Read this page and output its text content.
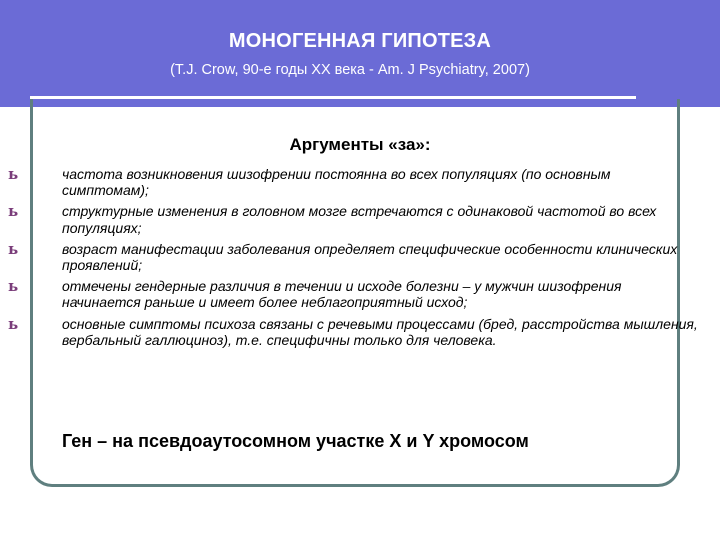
МОНОГЕННАЯ ГИПОТЕЗА
(T.J. Crow, 90-е годы XX века - Am. J Psychiatry, 2007)
Аргументы «за»:
ь	частота возникновения шизофрении постоянна во всех популяциях (по основным симптомам);
ь	структурные изменения в головном мозге встречаются с одинаковой частотой во всех популяциях;
ь	возраст манифестации заболевания определяет специфические особенности клинических проявлений;
ь	отмечены гендерные различия в течении и исходе болезни – у мужчин шизофрения начинается раньше и имеет более неблагоприятный исход;
ь	основные симптомы психоза связаны с речевыми процессами (бред, расстройства мышления, вербальный галлюциноз), т.е. специфичны только для человека.
Ген – на псевдоаутосомном участке X и Y хромосом
